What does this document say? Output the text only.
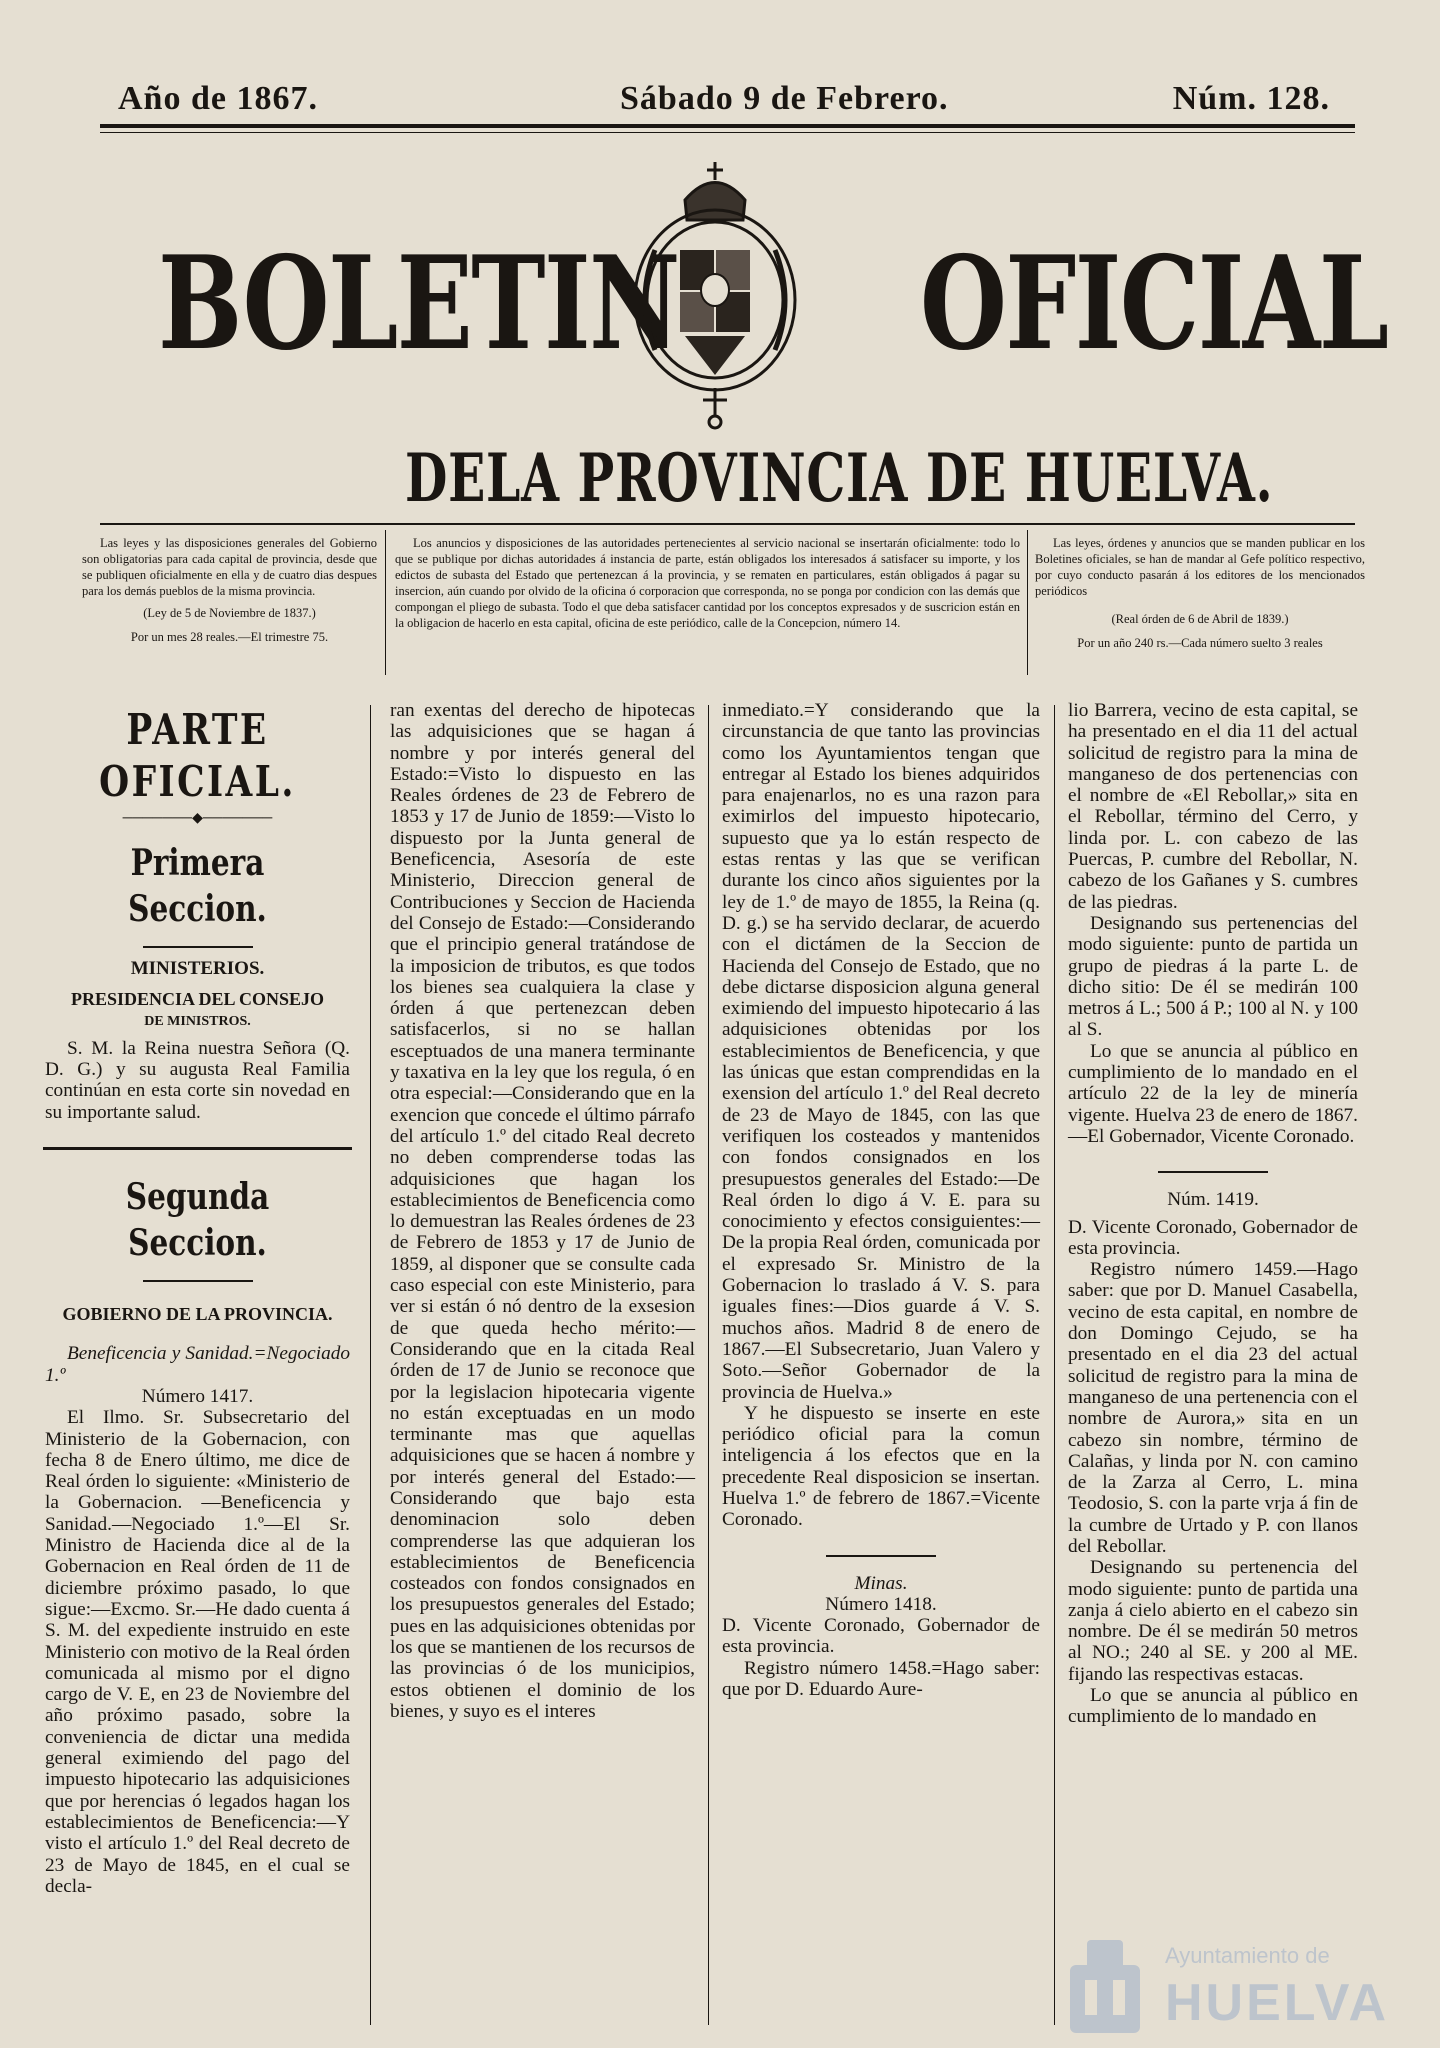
Año de 1867.	Sábado 9 de Febrero.	Núm. 128.
BOLETIN OFICIAL
DELA PROVINCIA DE HUELVA.

Las leyes y las disposiciones generales del Gobierno son obligatorias para cada capital de provincia, desde que se publiquen oficialmente en ella y de cuatro dias despues para los demás pueblos de la misma provincia.

(Ley de 5 de Noviembre de 1837.)

Por un mes 28 reales.—El trimestre 75.

Los anuncios y disposiciones de las autoridades pertenecientes al servicio nacional se insertarán oficialmente: todo lo que se publique por dichas autoridades á instancia de parte, están obligados los interesados á satisfacer su importe, y los edictos de subasta del Estado que pertenezcan á la provincia, y se rematen en particulares, están obligados á pagar su insercion, aún cuando por olvido de la oficina ó corporacion que corresponda, no se ponga por condicion con las demás que compongan el pliego de subasta. Todo el que deba satisfacer cantidad por los conceptos expresados y de suscricion están en la obligacion de hacerlo en esta capital, oficina de este periódico, calle de la Concepcion, número 14.

Las leyes, órdenes y anuncios que se manden publicar en los Boletines oficiales, se han de mandar al Gefe político respectivo, por cuyo conducto pasarán á los editores de los mencionados periódicos

(Real órden de 6 de Abril de 1839.)

Por un año 240 rs.—Cada número suelto 3 reales

PARTE OFICIAL.
───────◆───────
Primera Seccion.

MINISTERIOS.

PRESIDENCIA DEL CONSEJO

DE MINISTROS.

S. M. la Reina nuestra Señora (Q. D. G.) y su augusta Real Familia continúan en esta corte sin novedad en su importante salud.

Segunda Seccion.

GOBIERNO DE LA PROVINCIA.

Beneficencia y Sanidad.=Negociado 1.º

Número 1417.

El Ilmo. Sr. Subsecretario del Ministerio de la Gobernacion, con fecha 8 de Enero último, me dice de Real órden lo siguiente: «Ministerio de la Gobernacion. —Beneficencia y Sanidad.—Negociado 1.º—El Sr. Ministro de Hacienda dice al de la Gobernacion en Real órden de 11 de diciembre próximo pasado, lo que sigue:—Excmo. Sr.—He dado cuenta á S. M. del expediente instruido en este Ministerio con motivo de la Real órden comunicada al mismo por el digno cargo de V. E, en 23 de Noviembre del año próximo pasado, sobre la conveniencia de dictar una medida general eximiendo del pago del impuesto hipotecario las adquisiciones que por herencias ó legados hagan los establecimientos de Beneficencia:—Y visto el artículo 1.º del Real decreto de 23 de Mayo de 1845, en el cual se decla-

ran exentas del derecho de hipotecas las adquisiciones que se hagan á nombre y por interés general del Estado:=Visto lo dispuesto en las Reales órdenes de 23 de Febrero de 1853 y 17 de Junio de 1859:—Visto lo dispuesto por la Junta general de Beneficencia, Asesoría de este Ministerio, Direccion general de Contribuciones y Seccion de Hacienda del Consejo de Estado:—Considerando que el principio general tratándose de la imposicion de tributos, es que todos los bienes sea cualquiera la clase y órden á que pertenezcan deben satisfacerlos, si no se hallan esceptuados de una manera terminante y taxativa en la ley que los regula, ó en otra especial:—Considerando que en la exencion que concede el último párrafo del artículo 1.º del citado Real decreto no deben comprenderse todas las adquisiciones que hagan los establecimientos de Beneficencia como lo demuestran las Reales órdenes de 23 de Febrero de 1853 y 17 de Junio de 1859, al disponer que se consulte cada caso especial con este Ministerio, para ver si están ó nó dentro de la exsesion de que queda hecho mérito:—Considerando que en la citada Real órden de 17 de Junio se reconoce que por la legislacion hipotecaria vigente no están exceptuadas en un modo terminante mas que aquellas adquisiciones que se hacen á nombre y por interés general del Estado:—Considerando que bajo esta denominacion solo deben comprenderse las que adquieran los establecimientos de Beneficencia costeados con fondos consignados en los presupuestos generales del Estado; pues en las adquisiciones obtenidas por los que se mantienen de los recursos de las provincias ó de los municipios, estos obtienen el dominio de los bienes, y suyo es el interes

inmediato.=Y considerando que la circunstancia de que tanto las provincias como los Ayuntamientos tengan que entregar al Estado los bienes adquiridos para enajenarlos, no es una razon para eximirlos del impuesto hipotecario, supuesto que ya lo están respecto de estas rentas y las que se verifican durante los cinco años siguientes por la ley de 1.º de mayo de 1855, la Reina (q. D. g.) se ha servido declarar, de acuerdo con el dictámen de la Seccion de Hacienda del Consejo de Estado, que no debe dictarse disposicion alguna general eximiendo del impuesto hipotecario á las adquisiciones obtenidas por los establecimientos de Beneficencia, y que las únicas que estan comprendidas en la exension del artículo 1.º del Real decreto de 23 de Mayo de 1845, con las que verifiquen los costeados y mantenidos con fondos consignados en los presupuestos generales del Estado:—De Real órden lo digo á V. E. para su conocimiento y efectos consiguientes:—De la propia Real órden, comunicada por el expresado Sr. Ministro de la Gobernacion lo traslado á V. S. para iguales fines:—Dios guarde á V. S. muchos años. Madrid 8 de enero de 1867.—El Subsecretario, Juan Valero y Soto.—Señor Gobernador de la provincia de Huelva.»

Y he dispuesto se inserte en este periódico oficial para la comun inteligencia á los efectos que en la precedente Real disposicion se insertan. Huelva 1.º de febrero de 1867.=Vicente Coronado.

Minas.

Número 1418.

D. Vicente Coronado, Gobernador de esta provincia.

Registro número 1458.=Hago saber: que por D. Eduardo Aure-

lio Barrera, vecino de esta capital, se ha presentado en el dia 11 del actual solicitud de registro para la mina de manganeso de dos pertenencias con el nombre de «El Rebollar,» sita en el Rebollar, término del Cerro, y linda por. L. con cabezo de las Puercas, P. cumbre del Rebollar, N. cabezo de los Gañanes y S. cumbres de las piedras.

Designando sus pertenencias del modo siguiente: punto de partida un grupo de piedras á la parte L. de dicho sitio: De él se medirán 100 metros á L.; 500 á P.; 100 al N. y 100 al S.

Lo que se anuncia al público en cumplimiento de lo mandado en el artículo 22 de la ley de minería vigente. Huelva 23 de enero de 1867.—El Gobernador, Vicente Coronado.

Núm. 1419.

D. Vicente Coronado, Gobernador de esta provincia.

Registro número 1459.—Hago saber: que por D. Manuel Casabella, vecino de esta capital, en nombre de don Domingo Cejudo, se ha presentado en el dia 23 del actual solicitud de registro para la mina de manganeso de una pertenencia con el nombre de Aurora,» sita en un cabezo sin nombre, término de Calañas, y linda por N. con camino de la Zarza al Cerro, L. mina Teodosio, S. con la parte vrja á fin de la cumbre de Urtado y P. con llanos del Rebollar.

Designando su pertenencia del modo siguiente: punto de partida una zanja á cielo abierto en el cabezo sin nombre. De él se medirán 50 metros al NO.; 240 al SE. y 200 al ME. fijando las respectivas estacas.

Lo que se anuncia al público en cumplimiento de lo mandado en

Ayuntamiento de
HUELVA
